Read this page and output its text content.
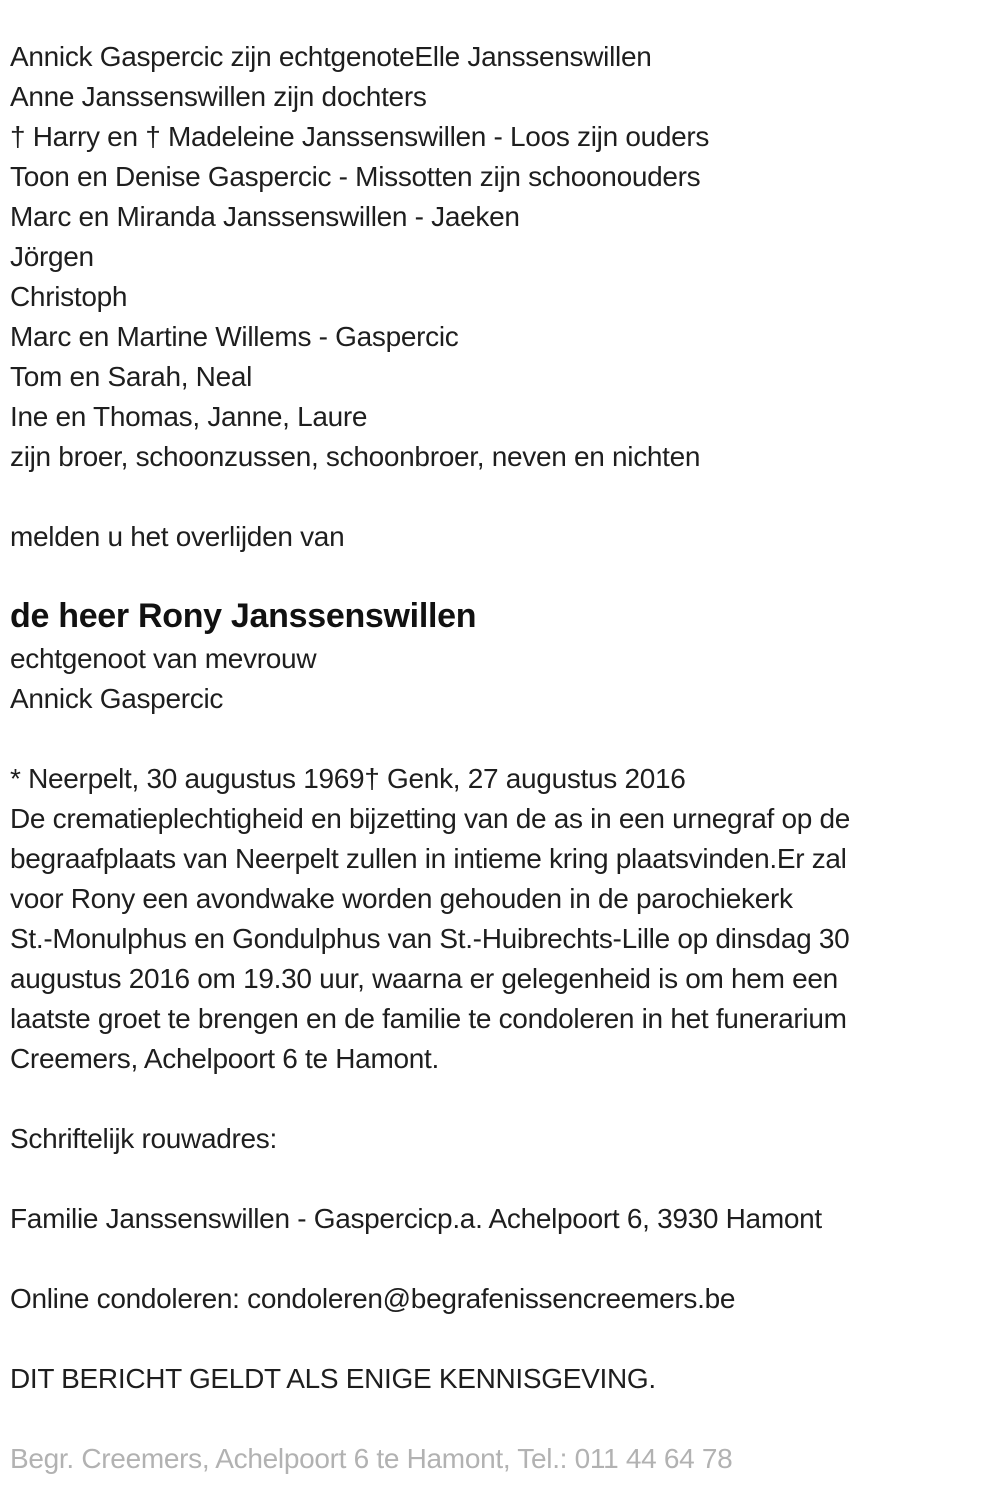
Annick Gaspercic zijn echtgenoteElle Janssenswillen
Anne Janssenswillen zijn dochters
† Harry en † Madeleine Janssenswillen - Loos zijn ouders
Toon en Denise Gaspercic - Missotten zijn schoonouders
Marc en Miranda Janssenswillen - Jaeken
Jörgen
Christoph
Marc en Martine Willems - Gaspercic
Tom en Sarah, Neal
Ine en Thomas, Janne, Laure
zijn broer, schoonzussen, schoonbroer, neven en nichten
melden u het overlijden van
de heer Rony Janssenswillen
echtgenoot van mevrouw
Annick Gaspercic
* Neerpelt, 30 augustus 1969† Genk, 27 augustus 2016
De crematieplechtigheid en bijzetting van de as in een urnegraf op de
begraafplaats van Neerpelt zullen in intieme kring plaatsvinden.Er zal
voor Rony een avondwake worden gehouden in de parochiekerk
St.-Monulphus en Gondulphus van St.-Huibrechts-Lille op dinsdag 30
augustus 2016 om 19.30 uur, waarna er gelegenheid is om hem een
laatste groet te brengen en de familie te condoleren in het funerarium
Creemers, Achelpoort 6 te Hamont.
Schriftelijk rouwadres:
Familie Janssenswillen - Gaspercicp.a. Achelpoort 6, 3930 Hamont
Online condoleren: condoleren@begrafenissencreemers.be
DIT BERICHT GELDT ALS ENIGE KENNISGEVING.
Begr. Creemers, Achelpoort 6 te Hamont, Tel.: 011 44 64 78
